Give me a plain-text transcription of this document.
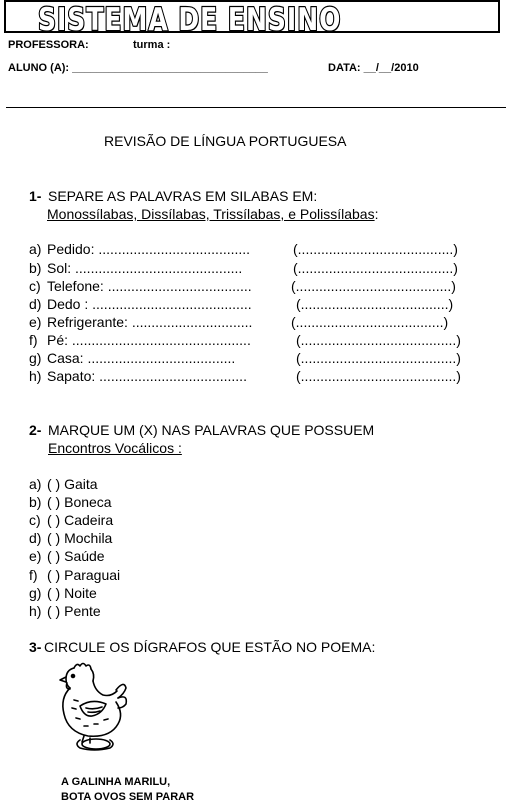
SISTEMA DE ENSINO
PROFESSORA:	turma :
ALUNO (A): ________________________________	DATA: __/__/2010
REVISÃO DE LÍNGUA PORTUGUESA
1- SEPARE AS PALAVRAS EM SILABAS EM:
Monossílabas, Dissílabas, Trissílabas, e Polissílabas:
a) Pedido: .......................................	(........................................)
b) Sol: ...........................................	(........................................)
c) Telefone: .....................................	(........................................)
d) Dedo : .........................................	(......................................)
e) Refrigerante: ...............................	(......................................)
f) Pé: ..............................................	(........................................)
g) Casa: ......................................	(........................................)
h) Sapato: ......................................	(........................................)
2- MARQUE UM (X) NAS PALAVRAS QUE POSSUEM
Encontros Vocálicos :
a) ( ) Gaita
b) ( ) Boneca
c) ( ) Cadeira
d) ( ) Mochila
e) ( ) Saúde
f) ( ) Paraguai
g) ( ) Noite
h) ( ) Pente
3- CIRCULE OS DÍGRAFOS QUE ESTÃO NO POEMA:
A GALINHA MARILU,
BOTA OVOS SEM PARAR
